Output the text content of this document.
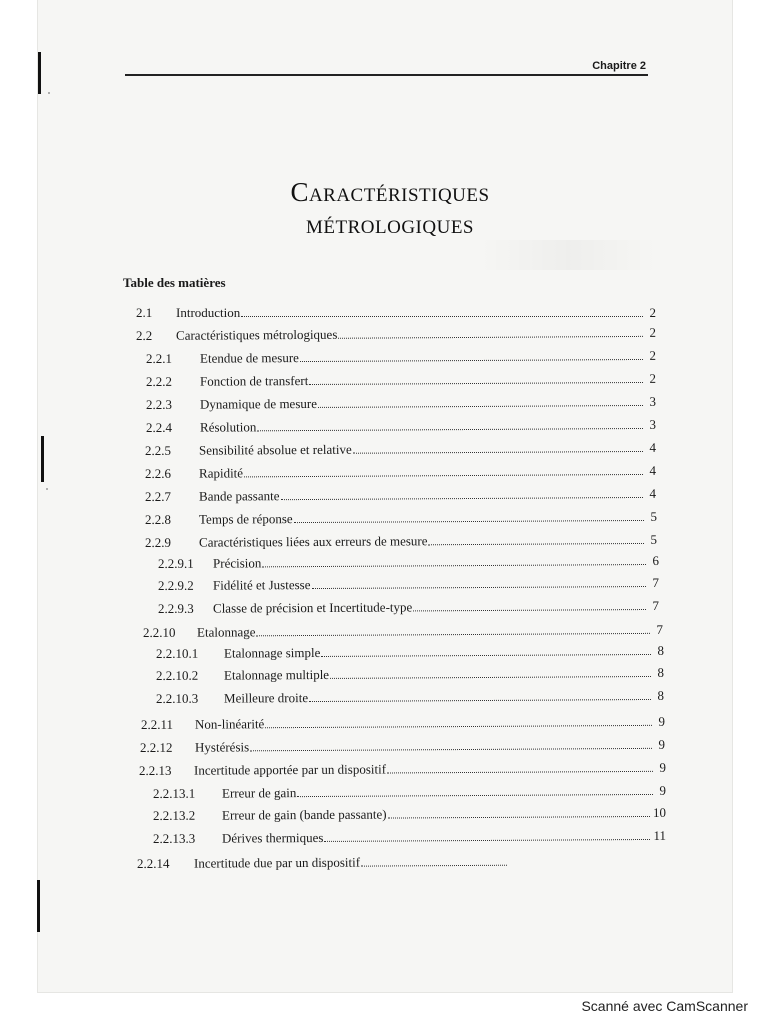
Chapitre 2
Caractéristiques
métrologiques
Table des matières
2.1	Introduction	2
2.2	Caractéristiques métrologiques	2
2.2.1	Etendue de mesure	2
2.2.2	Fonction de transfert	2
2.2.3	Dynamique de mesure	3
2.2.4	Résolution	3
2.2.5	Sensibilité absolue et relative	4
2.2.6	Rapidité	4
2.2.7	Bande passante	4
2.2.8	Temps de réponse	5
2.2.9	Caractéristiques liées aux erreurs de mesure	5
2.2.9.1	Précision	6
2.2.9.2	Fidélité et Justesse	7
2.2.9.3	Classe de précision et Incertitude-type	7
2.2.10	Etalonnage	7
2.2.10.1	Etalonnage simple	8
2.2.10.2	Etalonnage multiple	8
2.2.10.3	Meilleure droite	8
2.2.11	Non-linéarité	9
2.2.12	Hystérésis	9
2.2.13	Incertitude apportée par un dispositif	9
2.2.13.1	Erreur de gain	9
2.2.13.2	Erreur de gain (bande passante)	10
2.2.13.3	Dérives thermiques	11
2.2.14	Incertitude due par un dispositif
Scanné avec CamScanner
